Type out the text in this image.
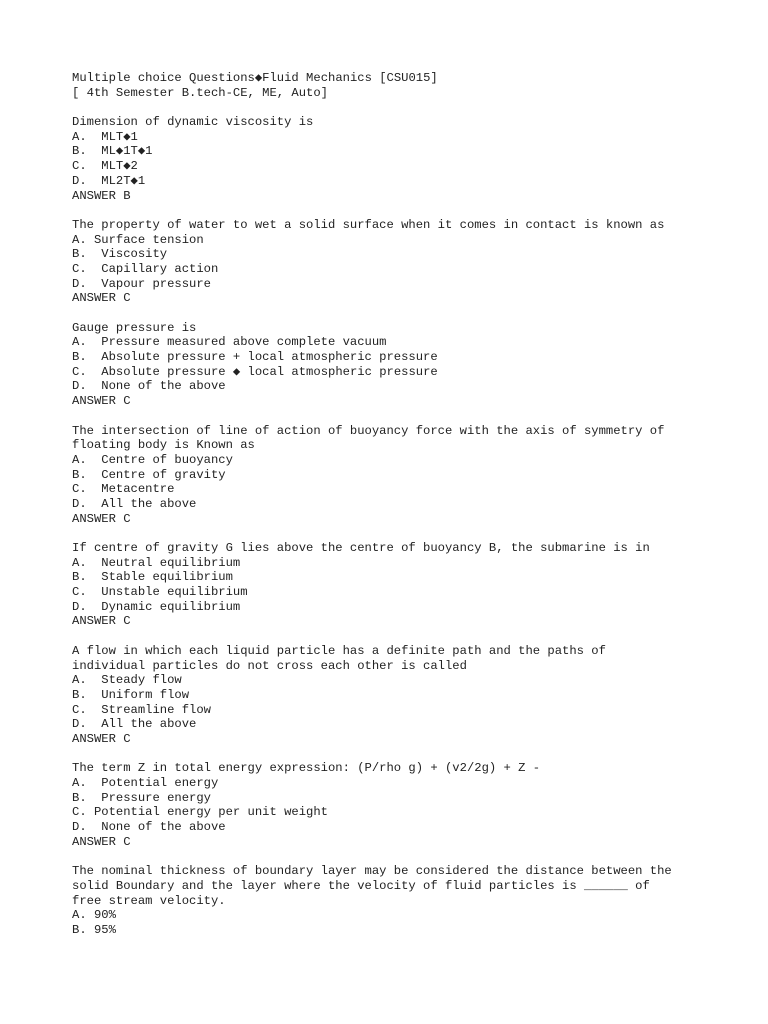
Multiple choice Questions◆Fluid Mechanics [CSU015]
[ 4th Semester B.tech-CE, ME, Auto]
Dimension of dynamic viscosity is
A.  MLT◆1
B.  ML◆1T◆1
C.  MLT◆2
D.  ML2T◆1
ANSWER B
The property of water to wet a solid surface when it comes in contact is known as
A. Surface tension
B.  Viscosity
C.  Capillary action
D.  Vapour pressure
ANSWER C
Gauge pressure is
A.  Pressure measured above complete vacuum
B.  Absolute pressure + local atmospheric pressure
C.  Absolute pressure ◆ local atmospheric pressure
D.  None of the above
ANSWER C
The intersection of line of action of buoyancy force with the axis of symmetry of
floating body is Known as
A.  Centre of buoyancy
B.  Centre of gravity
C.  Metacentre
D.  All the above
ANSWER C
If centre of gravity G lies above the centre of buoyancy B, the submarine is in
A.  Neutral equilibrium
B.  Stable equilibrium
C.  Unstable equilibrium
D.  Dynamic equilibrium
ANSWER C
A flow in which each liquid particle has a definite path and the paths of
individual particles do not cross each other is called
A.  Steady flow
B.  Uniform flow
C.  Streamline flow
D.  All the above
ANSWER C
The term Z in total energy expression: (P/rho g) + (v2/2g) + Z -
A.  Potential energy
B.  Pressure energy
C. Potential energy per unit weight
D.  None of the above
ANSWER C
The nominal thickness of boundary layer may be considered the distance between the
solid Boundary and the layer where the velocity of fluid particles is ______ of
free stream velocity.
A. 90%
B. 95%
